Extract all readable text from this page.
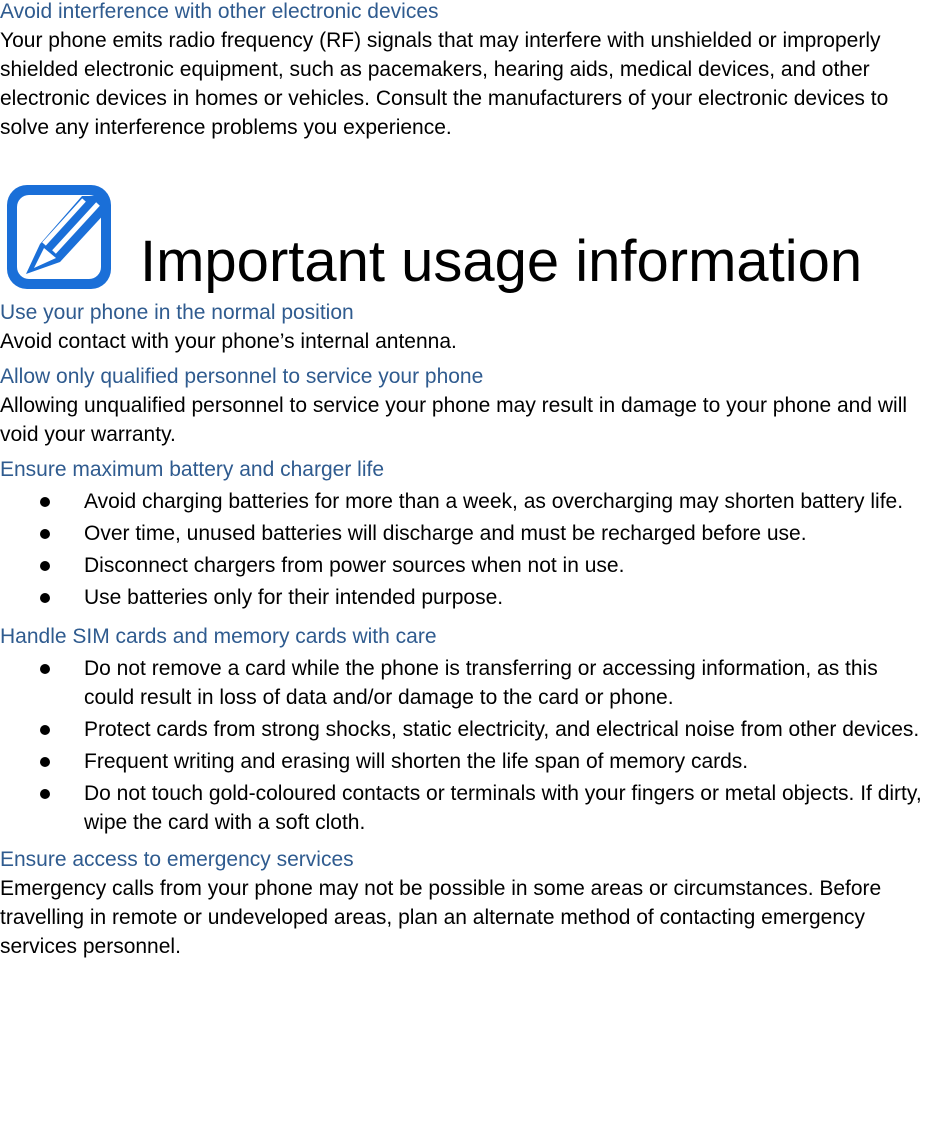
Avoid interference with other electronic devices

Your phone emits radio frequency (RF) signals that may interfere with unshielded or improperly shielded electronic equipment, such as pacemakers, hearing aids, medical devices, and other electronic devices in homes or vehicles. Consult the manufacturers of your electronic devices to solve any interference problems you experience.

Important usage information

Use your phone in the normal position

Avoid contact with your phone’s internal antenna.

Allow only qualified personnel to service your phone

Allowing unqualified personnel to service your phone may result in damage to your phone and will void your warranty.

Ensure maximum battery and charger life

Avoid charging batteries for more than a week, as overcharging may shorten battery life.
Over time, unused batteries will discharge and must be recharged before use.
Disconnect chargers from power sources when not in use.
Use batteries only for their intended purpose.

Handle SIM cards and memory cards with care

Do not remove a card while the phone is transferring or accessing information, as this could result in loss of data and/or damage to the card or phone.
Protect cards from strong shocks, static electricity, and electrical noise from other devices.
Frequent writing and erasing will shorten the life span of memory cards.
Do not touch gold-coloured contacts or terminals with your fingers or metal objects. If dirty, wipe the card with a soft cloth.

Ensure access to emergency services

Emergency calls from your phone may not be possible in some areas or circumstances. Before travelling in remote or undeveloped areas, plan an alternate method of contacting emergency services personnel.
